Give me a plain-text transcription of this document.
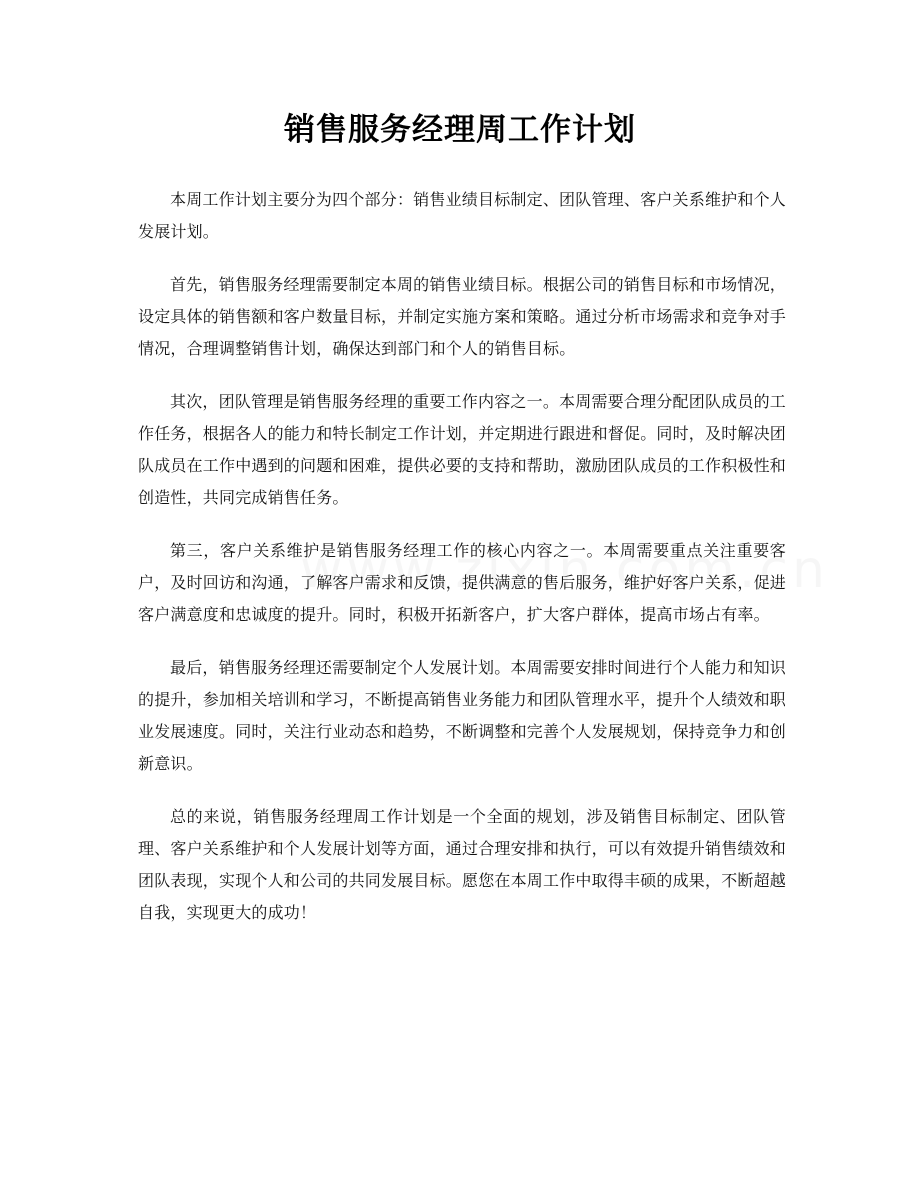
销售服务经理周工作计划

本周工作计划主要分为四个部分：销售业绩目标制定、团队管理、客户关系维护和个人发展计划。

首先，销售服务经理需要制定本周的销售业绩目标。根据公司的销售目标和市场情况，设定具体的销售额和客户数量目标，并制定实施方案和策略。通过分析市场需求和竞争对手情况，合理调整销售计划，确保达到部门和个人的销售目标。

其次，团队管理是销售服务经理的重要工作内容之一。本周需要合理分配团队成员的工作任务，根据各人的能力和特长制定工作计划，并定期进行跟进和督促。同时，及时解决团队成员在工作中遇到的问题和困难，提供必要的支持和帮助，激励团队成员的工作积极性和创造性，共同完成销售任务。

第三，客户关系维护是销售服务经理工作的核心内容之一。本周需要重点关注重要客户，及时回访和沟通，了解客户需求和反馈，提供满意的售后服务，维护好客户关系，促进客户满意度和忠诚度的提升。同时，积极开拓新客户，扩大客户群体，提高市场占有率。

最后，销售服务经理还需要制定个人发展计划。本周需要安排时间进行个人能力和知识的提升，参加相关培训和学习，不断提高销售业务能力和团队管理水平，提升个人绩效和职业发展速度。同时，关注行业动态和趋势，不断调整和完善个人发展规划，保持竞争力和创新意识。

总的来说，销售服务经理周工作计划是一个全面的规划，涉及销售目标制定、团队管理、客户关系维护和个人发展计划等方面，通过合理安排和执行，可以有效提升销售绩效和团队表现，实现个人和公司的共同发展目标。愿您在本周工作中取得丰硕的成果，不断超越自我，实现更大的成功！
